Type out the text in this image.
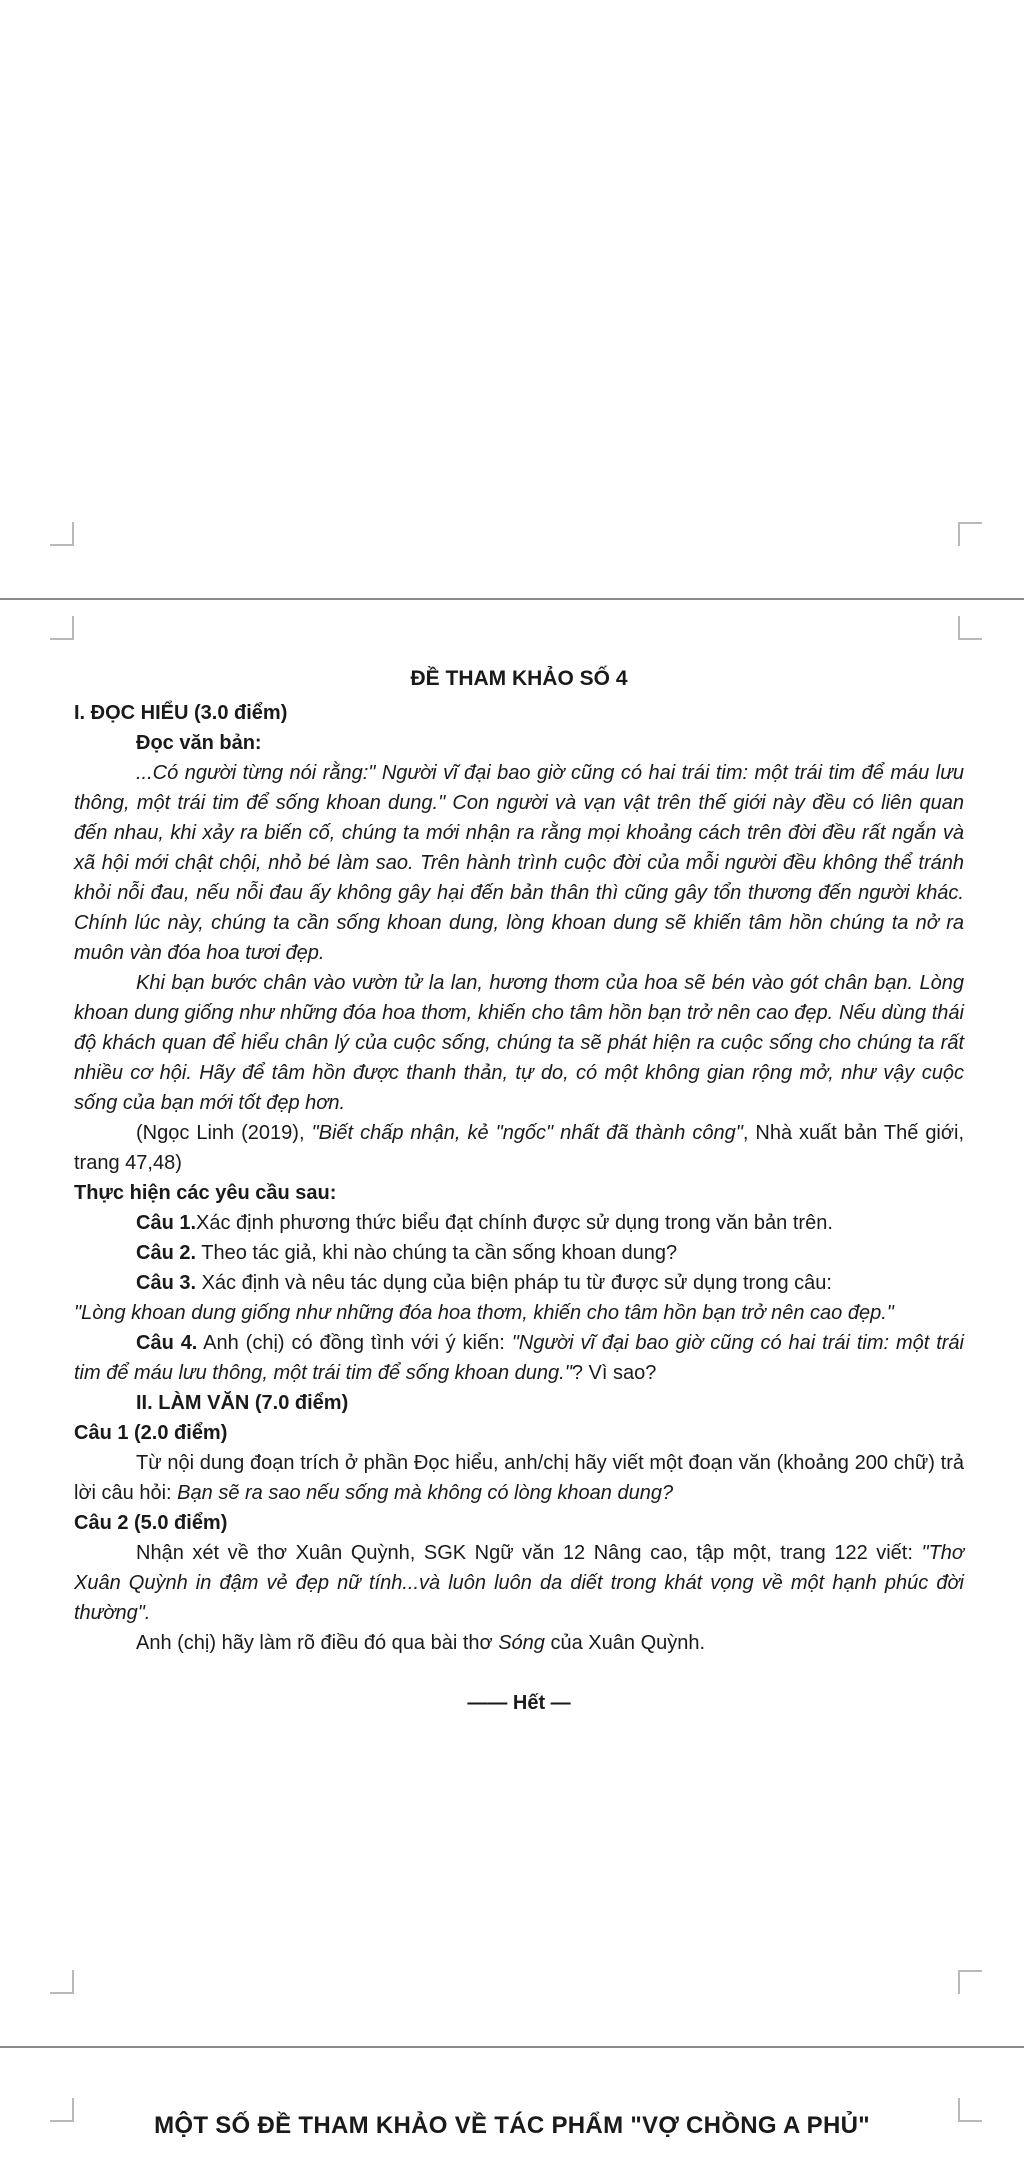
ĐỀ THAM KHẢO SỐ 4

I. ĐỌC HIỂU (3.0 điểm)

Đọc văn bản:

...Có người từng nói rằng:" Người vĩ đại bao giờ cũng có hai trái tim: một trái tim để máu lưu thông, một trái tim để sống khoan dung." Con người và vạn vật trên thế giới này đều có liên quan đến nhau, khi xảy ra biến cố, chúng ta mới nhận ra rằng mọi khoảng cách trên đời đều rất ngắn và xã hội mới chật chội, nhỏ bé làm sao. Trên hành trình cuộc đời của mỗi người đều không thể tránh khỏi nỗi đau, nếu nỗi đau ấy không gây hại đến bản thân thì cũng gây tổn thương đến người khác. Chính lúc này, chúng ta cần sống khoan dung, lòng khoan dung sẽ khiến tâm hồn chúng ta nở ra muôn vàn đóa hoa tươi đẹp.

Khi bạn bước chân vào vườn tử la lan, hương thơm của hoa sẽ bén vào gót chân bạn. Lòng khoan dung giống như những đóa hoa thơm, khiến cho tâm hồn bạn trở nên cao đẹp. Nếu dùng thái độ khách quan để hiểu chân lý của cuộc sống, chúng ta sẽ phát hiện ra cuộc sống cho chúng ta rất nhiều cơ hội. Hãy để tâm hồn được thanh thản, tự do, có một không gian rộng mở, như vậy cuộc sống của bạn mới tốt đẹp hơn.

(Ngọc Linh (2019), "Biết chấp nhận, kẻ "ngốc" nhất đã thành công", Nhà xuất bản Thế giới, trang 47,48)

Thực hiện các yêu cầu sau:

Câu 1.Xác định phương thức biểu đạt chính được sử dụng trong văn bản trên.

Câu 2. Theo tác giả, khi nào chúng ta cần sống khoan dung?

Câu 3. Xác định và nêu tác dụng của biện pháp tu từ được sử dụng trong câu:

"Lòng khoan dung giống như những đóa hoa thơm, khiến cho tâm hồn bạn trở nên cao đẹp."

Câu 4. Anh (chị) có đồng tình với ý kiến: "Người vĩ đại bao giờ cũng có hai trái tim: một trái tim để máu lưu thông, một trái tim để sống khoan dung."? Vì sao?

II. LÀM VĂN (7.0 điểm)

Câu 1 (2.0 điểm)

Từ nội dung đoạn trích ở phần Đọc hiểu, anh/chị hãy viết một đoạn văn (khoảng 200 chữ) trả lời câu hỏi: Bạn sẽ ra sao nếu sống mà không có lòng khoan dung?

Câu 2 (5.0 điểm)

Nhận xét về thơ Xuân Quỳnh, SGK Ngữ văn 12 Nâng cao, tập một, trang 122 viết: "Thơ Xuân Quỳnh in đậm vẻ đẹp nữ tính...và luôn luôn da diết trong khát vọng về một hạnh phúc đời thường".

Anh (chị) hãy làm rõ điều đó qua bài thơ Sóng của Xuân Quỳnh.

—— Hết —
MỘT SỐ ĐỀ THAM KHẢO VỀ TÁC PHẨM "VỢ CHỒNG A PHỦ"
